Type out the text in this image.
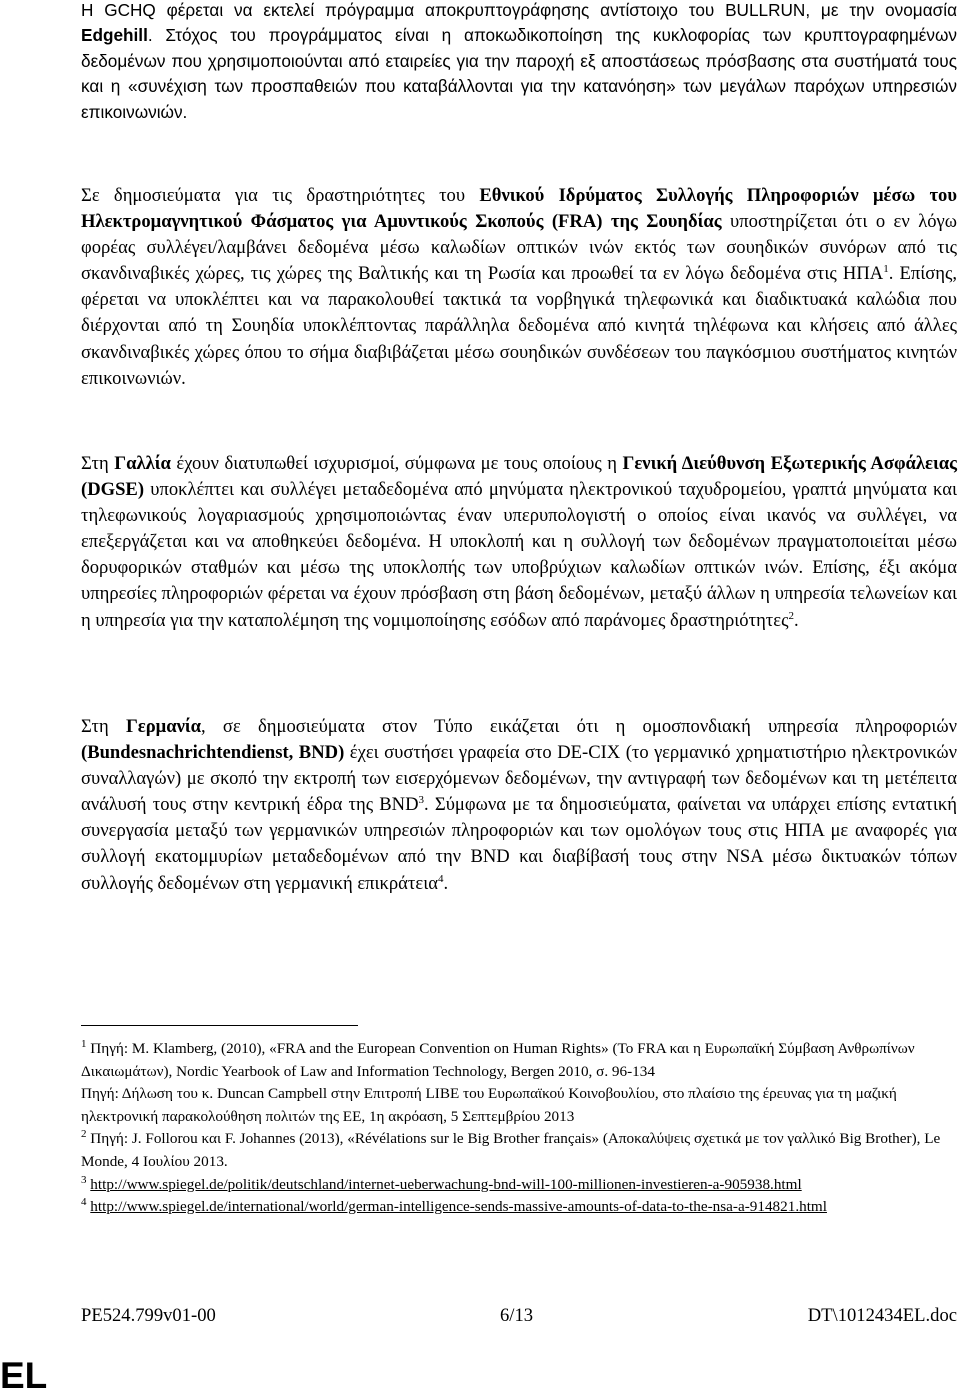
Η GCHQ φέρεται να εκτελεί πρόγραμμα αποκρυπτογράφησης αντίστοιχο του BULLRUN, με την ονομασία Edgehill. Στόχος του προγράμματος είναι η αποκωδικοποίηση της κυκλοφορίας των κρυπτογραφημένων δεδομένων που χρησιμοποιούνται από εταιρείες για την παροχή εξ αποστάσεως πρόσβασης στα συστήματά τους και η «συνέχιση των προσπαθειών που καταβάλλονται για την κατανόηση» των μεγάλων παρόχων υπηρεσιών επικοινωνιών.

Σε δημοσιεύματα για τις δραστηριότητες του Εθνικού Ιδρύματος Συλλογής Πληροφοριών μέσω του Ηλεκτρομαγνητικού Φάσματος για Αμυντικούς Σκοπούς (FRA) της Σουηδίας υποστηρίζεται ότι ο εν λόγω φορέας συλλέγει/λαμβάνει δεδομένα μέσω καλωδίων οπτικών ινών εκτός των σουηδικών συνόρων από τις σκανδιναβικές χώρες, τις χώρες της Βαλτικής και τη Ρωσία και προωθεί τα εν λόγω δεδομένα στις ΗΠΑ$^1$. Επίσης, φέρεται να υποκλέπτει και να παρακολουθεί τακτικά τα νορβηγικά τηλεφωνικά και διαδικτυακά καλώδια που διέρχονται από τη Σουηδία υποκλέπτοντας παράλληλα δεδομένα από κινητά τηλέφωνα και κλήσεις από άλλες σκανδιναβικές χώρες όπου το σήμα διαβιβάζεται μέσω σουηδικών συνδέσεων του παγκόσμιου συστήματος κινητών επικοινωνιών.

Στη Γαλλία έχουν διατυπωθεί ισχυρισμοί, σύμφωνα με τους οποίους η Γενική Διεύθυνση Εξωτερικής Ασφάλειας (DGSE) υποκλέπτει και συλλέγει μεταδεδομένα από μηνύματα ηλεκτρονικού ταχυδρομείου, γραπτά μηνύματα και τηλεφωνικούς λογαριασμούς χρησιμοποιώντας έναν υπερυπολογιστή ο οποίος είναι ικανός να συλλέγει, να επεξεργάζεται και να αποθηκεύει δεδομένα. Η υποκλοπή και η συλλογή των δεδομένων πραγματοποιείται μέσω δορυφορικών σταθμών και μέσω της υποκλοπής των υποβρύχιων καλωδίων οπτικών ινών. Επίσης, έξι ακόμα υπηρεσίες πληροφοριών φέρεται να έχουν πρόσβαση στη βάση δεδομένων, μεταξύ άλλων η υπηρεσία τελωνείων και η υπηρεσία για την καταπολέμηση της νομιμοποίησης εσόδων από παράνομες δραστηριότητες$^2$.

Στη Γερμανία, σε δημοσιεύματα στον Τύπο εικάζεται ότι η ομοσπονδιακή υπηρεσία πληροφοριών (Bundesnachrichtendienst, BND) έχει συστήσει γραφεία στο DE-CIX (το γερμανικό χρηματιστήριο ηλεκτρονικών συναλλαγών) με σκοπό την εκτροπή των εισερχόμενων δεδομένων, την αντιγραφή των δεδομένων και τη μετέπειτα ανάλυσή τους στην κεντρική έδρα της BND$^3$. Σύμφωνα με τα δημοσιεύματα, φαίνεται να υπάρχει επίσης εντατική συνεργασία μεταξύ των γερμανικών υπηρεσιών πληροφοριών και των ομολόγων τους στις ΗΠΑ με αναφορές για συλλογή εκατομμυρίων μεταδεδομένων από την BND και διαβίβασή τους στην NSA μέσω δικτυακών τόπων συλλογής δεδομένων στη γερμανική επικράτεια$^4$.

$^1$ Πηγή: M. Klamberg, (2010), «FRA and the European Convention on Human Rights» (Το FRA και η Ευρωπαϊκή Σύμβαση Ανθρωπίνων Δικαιωμάτων), Nordic Yearbook of Law and Information Technology, Bergen 2010, σ. 96-134

Πηγή: Δήλωση του κ. Duncan Campbell στην Επιτροπή LIBE του Ευρωπαϊκού Κοινοβουλίου, στο πλαίσιο της έρευνας για τη μαζική ηλεκτρονική παρακολούθηση πολιτών της ΕΕ, 1η ακρόαση, 5 Σεπτεμβρίου 2013

$^2$ Πηγή: J. Follorou και F. Johannes (2013), «Révélations sur le Big Brother français» (Αποκαλύψεις σχετικά με τον γαλλικό Big Brother), Le Monde, 4 Ιουλίου 2013.

$^3$ http://www.spiegel.de/politik/deutschland/internet-ueberwachung-bnd-will-100-millionen-investieren-a-905938.html

$^4$ http://www.spiegel.de/international/world/german-intelligence-sends-massive-amounts-of-data-to-the-nsa-a-914821.html

PE524.799v01-00	6/13	DT\1012434EL.doc
EL
